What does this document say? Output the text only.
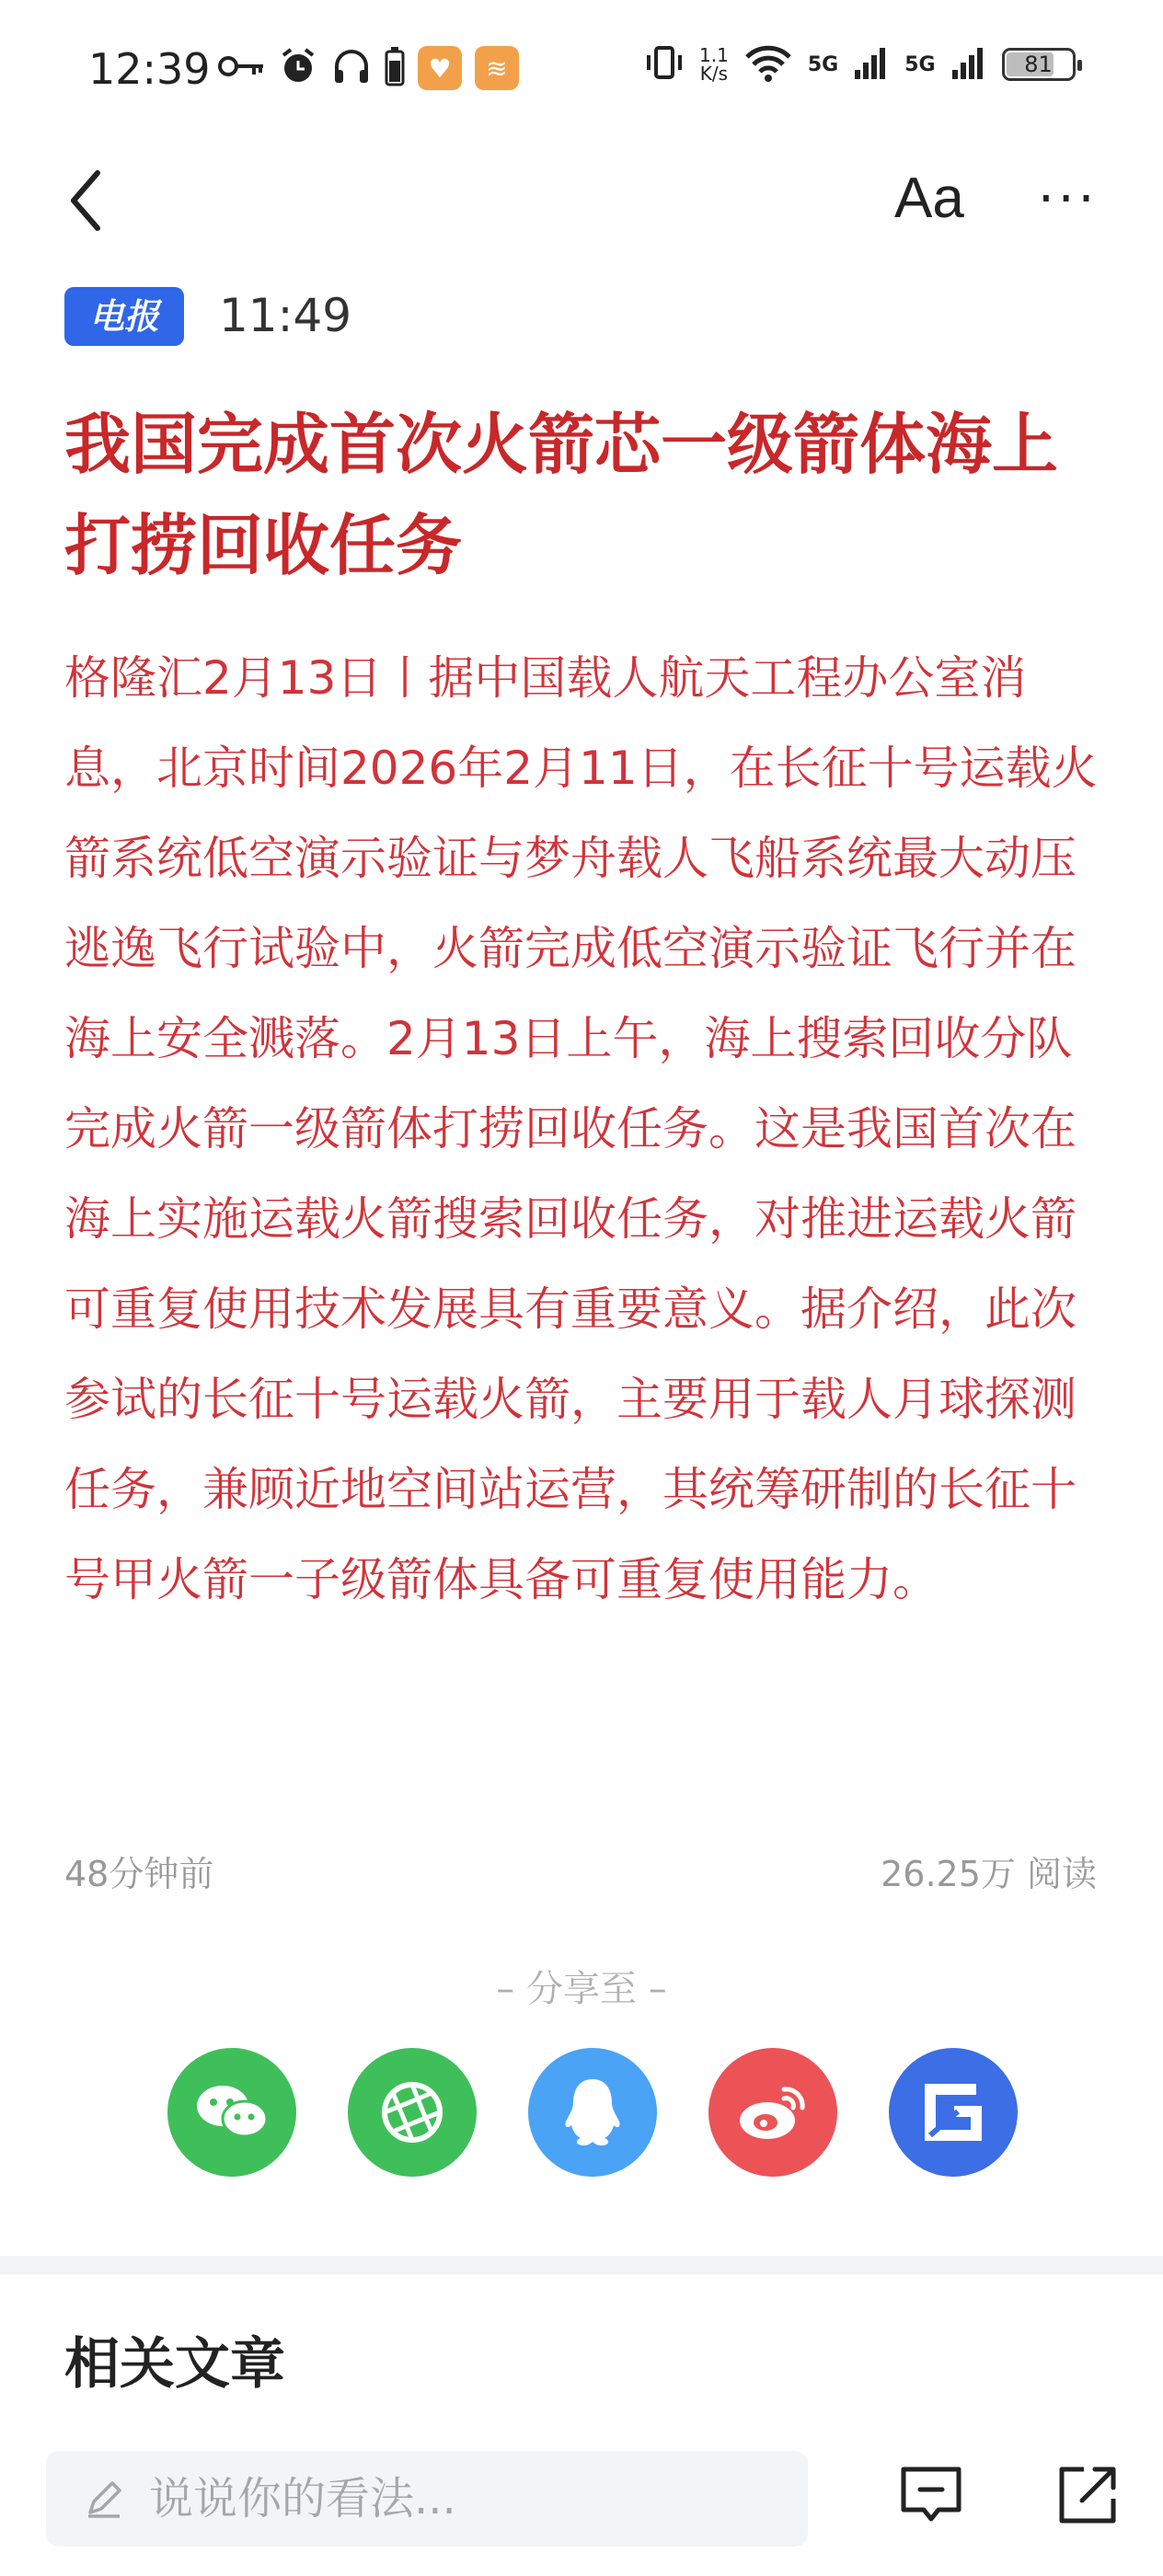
12:39	♥	≋	1.1
K/s	5G	5G	81
Aa ···
电报	11:49
我国完成首次火箭芯一级箭体海上打捞回收任务
格隆汇2月13日丨据中国载人航天工程办公室消息，北京时间2026年2月11日，在长征十号运载火箭系统低空演示验证与梦舟载人飞船系统最大动压逃逸飞行试验中，火箭完成低空演示验证飞行并在海上安全溅落。2月13日上午，海上搜索回收分队完成火箭一级箭体打捞回收任务。这是我国首次在海上实施运载火箭搜索回收任务，对推进运载火箭可重复使用技术发展具有重要意义。据介绍，此次参试的长征十号运载火箭，主要用于载人月球探测任务，兼顾近地空间站运营，其统筹研制的长征十号甲火箭一子级箭体具备可重复使用能力。
48分钟前	26.25万 阅读
– 分享至 –
相关文章
说说你的看法...
